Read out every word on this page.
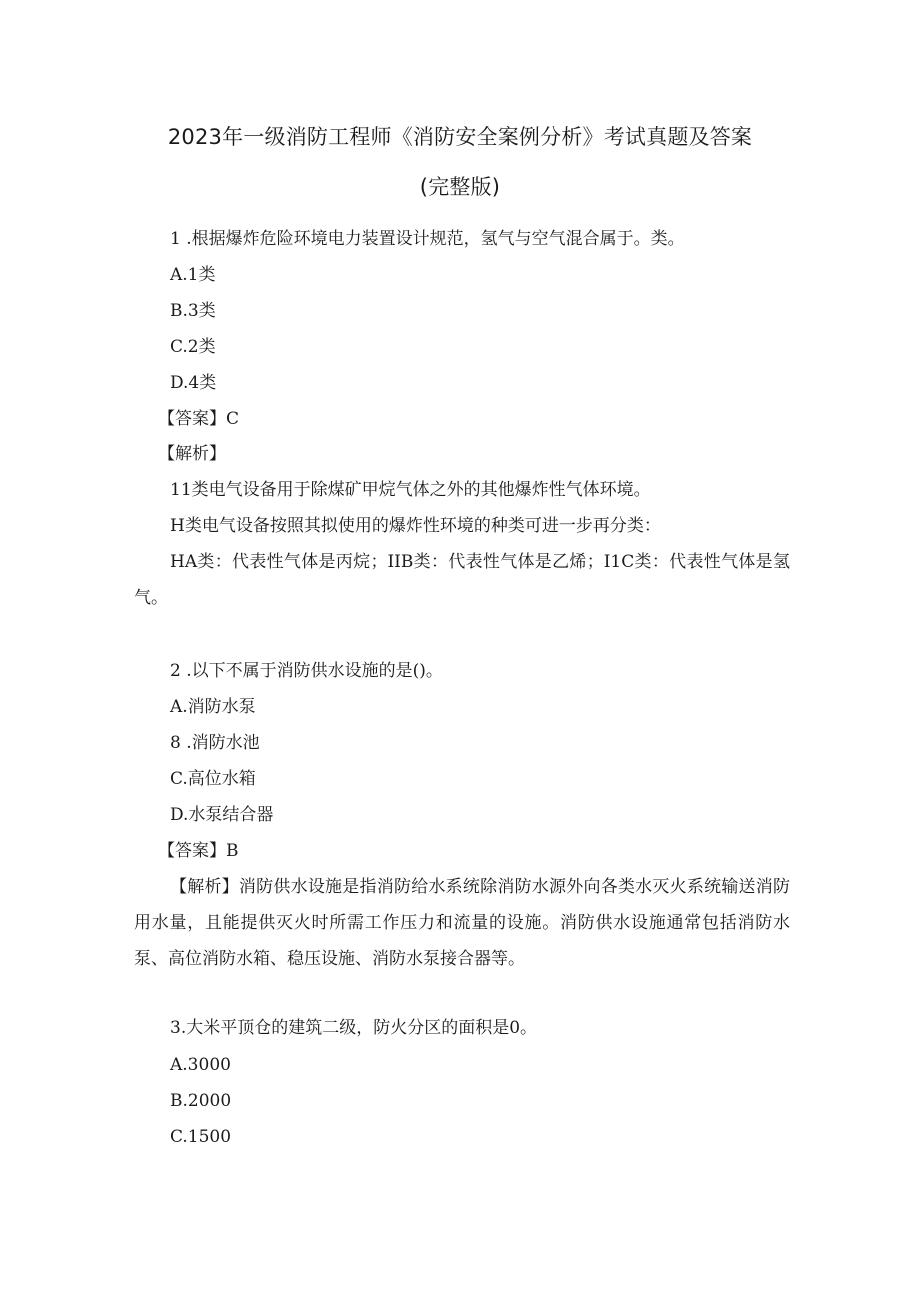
2023年一级消防工程师《消防安全案例分析》考试真题及答案
(完整版)

1 .根据爆炸危险环境电力装置设计规范，氢气与空气混合属于。类。

A.1类

B.3类

C.2类

D.4类

【答案】C

【解析】

11类电气设备用于除煤矿甲烷气体之外的其他爆炸性气体环境。

H类电气设备按照其拟使用的爆炸性环境的种类可进一步再分类：

HA类：代表性气体是丙烷；IIB类：代表性气体是乙烯；I1C类：代表性气体是氢气。

2 .以下不属于消防供水设施的是()。

A.消防水泵

8 .消防水池

C.高位水箱

D.水泵结合器

【答案】B

【解析】消防供水设施是指消防给水系统除消防水源外向各类水灭火系统输送消防用水量，且能提供灭火时所需工作压力和流量的设施。消防供水设施通常包括消防水泵、高位消防水箱、稳压设施、消防水泵接合器等。

3.大米平顶仓的建筑二级，防火分区的面积是0。

A.3000

B.2000

C.1500
